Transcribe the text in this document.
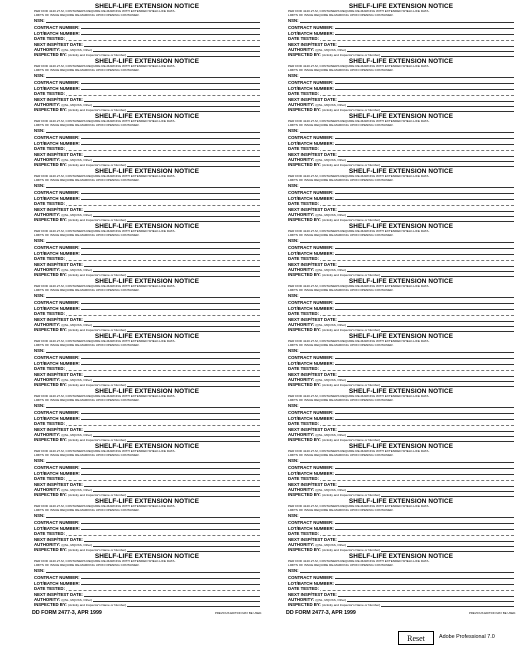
Reset	Adobe Professional 7.0
SHELF-LIFE EXTENSION NOTICE
PER DOD 4140.27-M, CONTAINERS REQUIRE RE-MARKING WITH EXTENDED SHELF-LIFE DATA.
LIMITS OF ISSUE REQUIRE RE-MARKING UPON OPENING CONTAINER.
NSN:
CONTRACT NUMBER:
LOT/BATCH NUMBER:
DATE TESTED:
NEXT INSP/TEST DATE:
AUTHORITY: (QSL, MQCSS, Other)
INSPECTED BY: (Activity and Inspector's Name or Number)
SHELF-LIFE EXTENSION NOTICE
PER DOD 4140.27-M, CONTAINERS REQUIRE RE-MARKING WITH EXTENDED SHELF-LIFE DATA.
LIMITS OF ISSUE REQUIRE RE-MARKING UPON OPENING CONTAINER.
NSN:
CONTRACT NUMBER:
LOT/BATCH NUMBER:
DATE TESTED:
NEXT INSP/TEST DATE:
AUTHORITY: (QSL, MQCSS, Other)
INSPECTED BY: (Activity and Inspector's Name or Number)
SHELF-LIFE EXTENSION NOTICE
PER DOD 4140.27-M, CONTAINERS REQUIRE RE-MARKING WITH EXTENDED SHELF-LIFE DATA.
LIMITS OF ISSUE REQUIRE RE-MARKING UPON OPENING CONTAINER.
NSN:
CONTRACT NUMBER:
LOT/BATCH NUMBER:
DATE TESTED:
NEXT INSP/TEST DATE:
AUTHORITY: (QSL, MQCSS, Other)
INSPECTED BY: (Activity and Inspector's Name or Number)
SHELF-LIFE EXTENSION NOTICE
PER DOD 4140.27-M, CONTAINERS REQUIRE RE-MARKING WITH EXTENDED SHELF-LIFE DATA.
LIMITS OF ISSUE REQUIRE RE-MARKING UPON OPENING CONTAINER.
NSN:
CONTRACT NUMBER:
LOT/BATCH NUMBER:
DATE TESTED:
NEXT INSP/TEST DATE:
AUTHORITY: (QSL, MQCSS, Other)
INSPECTED BY: (Activity and Inspector's Name or Number)
SHELF-LIFE EXTENSION NOTICE
PER DOD 4140.27-M, CONTAINERS REQUIRE RE-MARKING WITH EXTENDED SHELF-LIFE DATA.
LIMITS OF ISSUE REQUIRE RE-MARKING UPON OPENING CONTAINER.
NSN:
CONTRACT NUMBER:
LOT/BATCH NUMBER:
DATE TESTED:
NEXT INSP/TEST DATE:
AUTHORITY: (QSL, MQCSS, Other)
INSPECTED BY: (Activity and Inspector's Name or Number)
SHELF-LIFE EXTENSION NOTICE
PER DOD 4140.27-M, CONTAINERS REQUIRE RE-MARKING WITH EXTENDED SHELF-LIFE DATA.
LIMITS OF ISSUE REQUIRE RE-MARKING UPON OPENING CONTAINER.
NSN:
CONTRACT NUMBER:
LOT/BATCH NUMBER:
DATE TESTED:
NEXT INSP/TEST DATE:
AUTHORITY: (QSL, MQCSS, Other)
INSPECTED BY: (Activity and Inspector's Name or Number)
SHELF-LIFE EXTENSION NOTICE
PER DOD 4140.27-M, CONTAINERS REQUIRE RE-MARKING WITH EXTENDED SHELF-LIFE DATA.
LIMITS OF ISSUE REQUIRE RE-MARKING UPON OPENING CONTAINER.
NSN:
CONTRACT NUMBER:
LOT/BATCH NUMBER:
DATE TESTED:
NEXT INSP/TEST DATE:
AUTHORITY: (QSL, MQCSS, Other)
INSPECTED BY: (Activity and Inspector's Name or Number)
SHELF-LIFE EXTENSION NOTICE
PER DOD 4140.27-M, CONTAINERS REQUIRE RE-MARKING WITH EXTENDED SHELF-LIFE DATA.
LIMITS OF ISSUE REQUIRE RE-MARKING UPON OPENING CONTAINER.
NSN:
CONTRACT NUMBER:
LOT/BATCH NUMBER:
DATE TESTED:
NEXT INSP/TEST DATE:
AUTHORITY: (QSL, MQCSS, Other)
INSPECTED BY: (Activity and Inspector's Name or Number)
SHELF-LIFE EXTENSION NOTICE
PER DOD 4140.27-M, CONTAINERS REQUIRE RE-MARKING WITH EXTENDED SHELF-LIFE DATA.
LIMITS OF ISSUE REQUIRE RE-MARKING UPON OPENING CONTAINER.
NSN:
CONTRACT NUMBER:
LOT/BATCH NUMBER:
DATE TESTED:
NEXT INSP/TEST DATE:
AUTHORITY: (QSL, MQCSS, Other)
INSPECTED BY: (Activity and Inspector's Name or Number)
SHELF-LIFE EXTENSION NOTICE
PER DOD 4140.27-M, CONTAINERS REQUIRE RE-MARKING WITH EXTENDED SHELF-LIFE DATA.
LIMITS OF ISSUE REQUIRE RE-MARKING UPON OPENING CONTAINER.
NSN:
CONTRACT NUMBER:
LOT/BATCH NUMBER:
DATE TESTED:
NEXT INSP/TEST DATE:
AUTHORITY: (QSL, MQCSS, Other)
INSPECTED BY: (Activity and Inspector's Name or Number)
SHELF-LIFE EXTENSION NOTICE
PER DOD 4140.27-M, CONTAINERS REQUIRE RE-MARKING WITH EXTENDED SHELF-LIFE DATA.
LIMITS OF ISSUE REQUIRE RE-MARKING UPON OPENING CONTAINER.
NSN:
CONTRACT NUMBER:
LOT/BATCH NUMBER:
DATE TESTED:
NEXT INSP/TEST DATE:
AUTHORITY: (QSL, MQCSS, Other)
INSPECTED BY: (Activity and Inspector's Name or Number)
SHELF-LIFE EXTENSION NOTICE
PER DOD 4140.27-M, CONTAINERS REQUIRE RE-MARKING WITH EXTENDED SHELF-LIFE DATA.
LIMITS OF ISSUE REQUIRE RE-MARKING UPON OPENING CONTAINER.
NSN:
CONTRACT NUMBER:
LOT/BATCH NUMBER:
DATE TESTED:
NEXT INSP/TEST DATE:
AUTHORITY: (QSL, MQCSS, Other)
INSPECTED BY: (Activity and Inspector's Name or Number)
SHELF-LIFE EXTENSION NOTICE
PER DOD 4140.27-M, CONTAINERS REQUIRE RE-MARKING WITH EXTENDED SHELF-LIFE DATA.
LIMITS OF ISSUE REQUIRE RE-MARKING UPON OPENING CONTAINER.
NSN:
CONTRACT NUMBER:
LOT/BATCH NUMBER:
DATE TESTED:
NEXT INSP/TEST DATE:
AUTHORITY: (QSL, MQCSS, Other)
INSPECTED BY: (Activity and Inspector's Name or Number)
SHELF-LIFE EXTENSION NOTICE
PER DOD 4140.27-M, CONTAINERS REQUIRE RE-MARKING WITH EXTENDED SHELF-LIFE DATA.
LIMITS OF ISSUE REQUIRE RE-MARKING UPON OPENING CONTAINER.
NSN:
CONTRACT NUMBER:
LOT/BATCH NUMBER:
DATE TESTED:
NEXT INSP/TEST DATE:
AUTHORITY: (QSL, MQCSS, Other)
INSPECTED BY: (Activity and Inspector's Name or Number)
SHELF-LIFE EXTENSION NOTICE
PER DOD 4140.27-M, CONTAINERS REQUIRE RE-MARKING WITH EXTENDED SHELF-LIFE DATA.
LIMITS OF ISSUE REQUIRE RE-MARKING UPON OPENING CONTAINER.
NSN:
CONTRACT NUMBER:
LOT/BATCH NUMBER:
DATE TESTED:
NEXT INSP/TEST DATE:
AUTHORITY: (QSL, MQCSS, Other)
INSPECTED BY: (Activity and Inspector's Name or Number)
SHELF-LIFE EXTENSION NOTICE
PER DOD 4140.27-M, CONTAINERS REQUIRE RE-MARKING WITH EXTENDED SHELF-LIFE DATA.
LIMITS OF ISSUE REQUIRE RE-MARKING UPON OPENING CONTAINER.
NSN:
CONTRACT NUMBER:
LOT/BATCH NUMBER:
DATE TESTED:
NEXT INSP/TEST DATE:
AUTHORITY: (QSL, MQCSS, Other)
INSPECTED BY: (Activity and Inspector's Name or Number)
SHELF-LIFE EXTENSION NOTICE
PER DOD 4140.27-M, CONTAINERS REQUIRE RE-MARKING WITH EXTENDED SHELF-LIFE DATA.
LIMITS OF ISSUE REQUIRE RE-MARKING UPON OPENING CONTAINER.
NSN:
CONTRACT NUMBER:
LOT/BATCH NUMBER:
DATE TESTED:
NEXT INSP/TEST DATE:
AUTHORITY: (QSL, MQCSS, Other)
INSPECTED BY: (Activity and Inspector's Name or Number)
SHELF-LIFE EXTENSION NOTICE
PER DOD 4140.27-M, CONTAINERS REQUIRE RE-MARKING WITH EXTENDED SHELF-LIFE DATA.
LIMITS OF ISSUE REQUIRE RE-MARKING UPON OPENING CONTAINER.
NSN:
CONTRACT NUMBER:
LOT/BATCH NUMBER:
DATE TESTED:
NEXT INSP/TEST DATE:
AUTHORITY: (QSL, MQCSS, Other)
INSPECTED BY: (Activity and Inspector's Name or Number)
SHELF-LIFE EXTENSION NOTICE
PER DOD 4140.27-M, CONTAINERS REQUIRE RE-MARKING WITH EXTENDED SHELF-LIFE DATA.
LIMITS OF ISSUE REQUIRE RE-MARKING UPON OPENING CONTAINER.
NSN:
CONTRACT NUMBER:
LOT/BATCH NUMBER:
DATE TESTED:
NEXT INSP/TEST DATE:
AUTHORITY: (QSL, MQCSS, Other)
INSPECTED BY: (Activity and Inspector's Name or Number)
SHELF-LIFE EXTENSION NOTICE
PER DOD 4140.27-M, CONTAINERS REQUIRE RE-MARKING WITH EXTENDED SHELF-LIFE DATA.
LIMITS OF ISSUE REQUIRE RE-MARKING UPON OPENING CONTAINER.
NSN:
CONTRACT NUMBER:
LOT/BATCH NUMBER:
DATE TESTED:
NEXT INSP/TEST DATE:
AUTHORITY: (QSL, MQCSS, Other)
INSPECTED BY: (Activity and Inspector's Name or Number)
SHELF-LIFE EXTENSION NOTICE
PER DOD 4140.27-M, CONTAINERS REQUIRE RE-MARKING WITH EXTENDED SHELF-LIFE DATA.
LIMITS OF ISSUE REQUIRE RE-MARKING UPON OPENING CONTAINER.
NSN:
CONTRACT NUMBER:
LOT/BATCH NUMBER:
DATE TESTED:
NEXT INSP/TEST DATE:
AUTHORITY: (QSL, MQCSS, Other)
INSPECTED BY: (Activity and Inspector's Name or Number)
DD FORM 2477-3, APR 1999	PREVIOUS EDITION MAY BE USED.
SHELF-LIFE EXTENSION NOTICE
PER DOD 4140.27-M, CONTAINERS REQUIRE RE-MARKING WITH EXTENDED SHELF-LIFE DATA.
LIMITS OF ISSUE REQUIRE RE-MARKING UPON OPENING CONTAINER.
NSN:
CONTRACT NUMBER:
LOT/BATCH NUMBER:
DATE TESTED:
NEXT INSP/TEST DATE:
AUTHORITY: (QSL, MQCSS, Other)
INSPECTED BY: (Activity and Inspector's Name or Number)
DD FORM 2477-3, APR 1999	PREVIOUS EDITION MAY BE USED.
